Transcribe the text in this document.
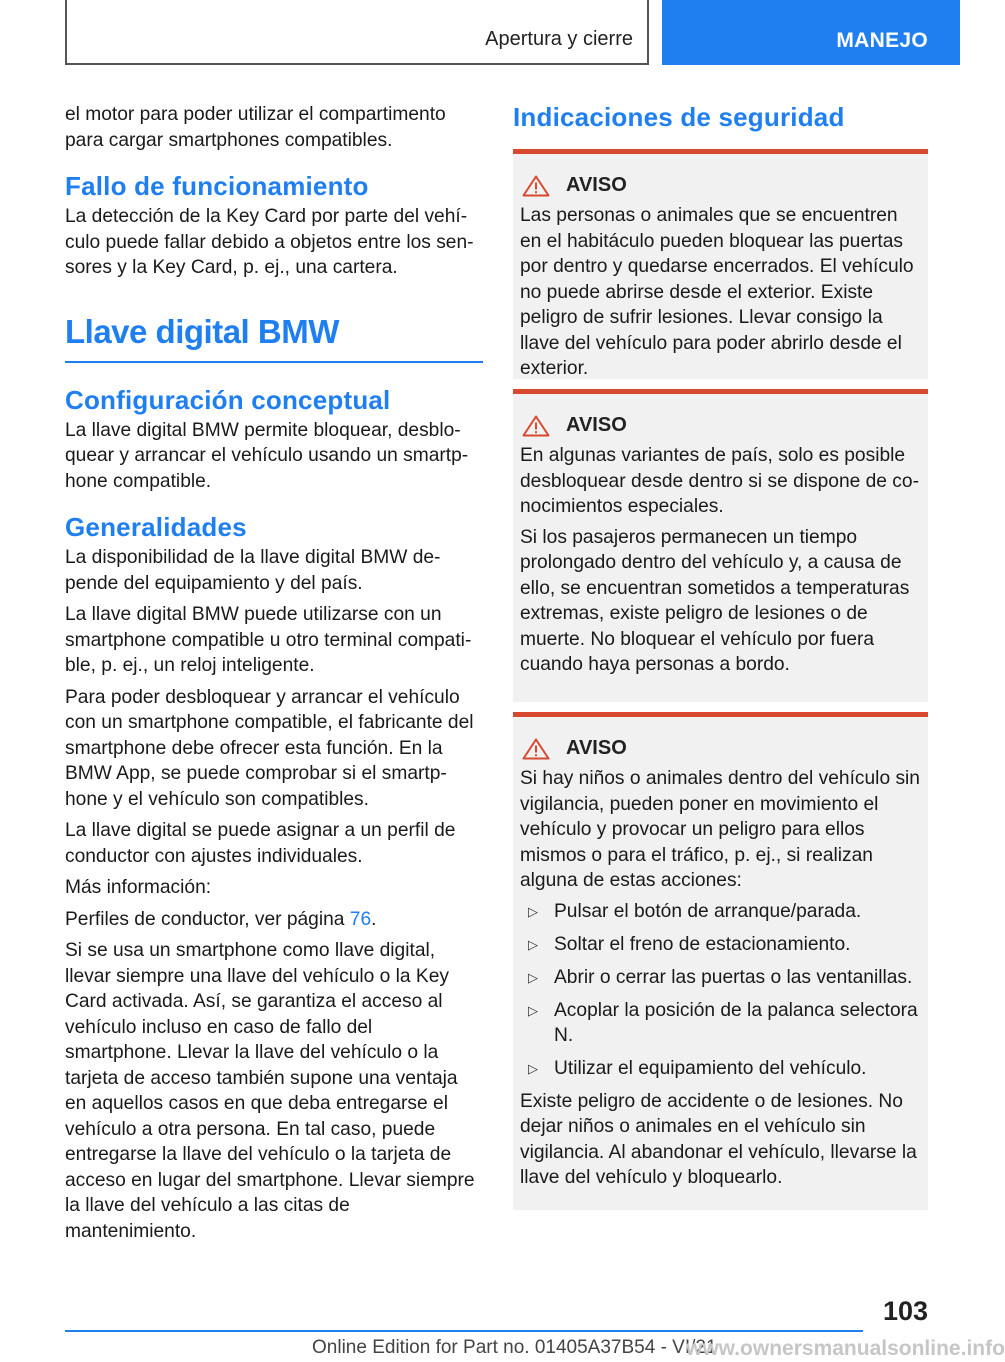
Apertura y cierre	MANEJO

el motor para poder utilizar el compartimento para cargar smartphones compatibles.

Fallo de funcionamiento

La detección de la Key Card por parte del vehículo puede fallar debido a objetos entre los sensores y la Key Card, p. ej., una cartera.

Llave digital BMW
Configuración conceptual

La llave digital BMW permite bloquear, desbloquear y arrancar el vehículo usando un smartphone compatible.

Generalidades

La disponibilidad de la llave digital BMW depende del equipamiento y del país.

La llave digital BMW puede utilizarse con un smartphone compatible u otro terminal compatible, p. ej., un reloj inteligente.

Para poder desbloquear y arrancar el vehículo con un smartphone compatible, el fabricante del smartphone debe ofrecer esta función. En la BMW App, se puede comprobar si el smartphone y el vehículo son compatibles.

La llave digital se puede asignar a un perfil de conductor con ajustes individuales.

Más información:

Perfiles de conductor, ver página 76.

Si se usa un smartphone como llave digital, llevar siempre una llave del vehículo o la Key Card activada. Así, se garantiza el acceso al vehículo incluso en caso de fallo del smartphone. Llevar la llave del vehículo o la tarjeta de acceso también supone una ventaja en aquellos casos en que deba entregarse el vehículo a otra persona. En tal caso, puede entregarse la llave del vehículo o la tarjeta de acceso en lugar del smartphone. Llevar siempre la llave del vehículo a las citas de mantenimiento.

Indicaciones de seguridad
AVISO

Las personas o animales que se encuentren en el habitáculo pueden bloquear las puertas por dentro y quedarse encerrados. El vehículo no puede abrirse desde el exterior. Existe peligro de sufrir lesiones. Llevar consigo la llave del vehículo para poder abrirlo desde el exterior.

AVISO

En algunas variantes de país, solo es posible desbloquear desde dentro si se dispone de conocimientos especiales.

Si los pasajeros permanecen un tiempo prolongado dentro del vehículo y, a causa de ello, se encuentran sometidos a temperaturas extremas, existe peligro de lesiones o de muerte. No bloquear el vehículo por fuera cuando haya personas a bordo.

AVISO

Si hay niños o animales dentro del vehículo sin vigilancia, pueden poner en movimiento el vehículo y provocar un peligro para ellos mismos o para el tráfico, p. ej., si realizan alguna de estas acciones:

▷ Pulsar el botón de arranque/parada.
▷ Soltar el freno de estacionamiento.
▷ Abrir o cerrar las puertas o las ventanillas.
▷ Acoplar la posición de la palanca selectora N.
▷ Utilizar el equipamiento del vehículo.

Existe peligro de accidente o de lesiones. No dejar niños o animales en el vehículo sin vigilancia. Al abandonar el vehículo, llevarse la llave del vehículo y bloquearlo.

103
Online Edition for Part no. 01405A37B54 - VI/21
www.ownersmanualsonline.info
